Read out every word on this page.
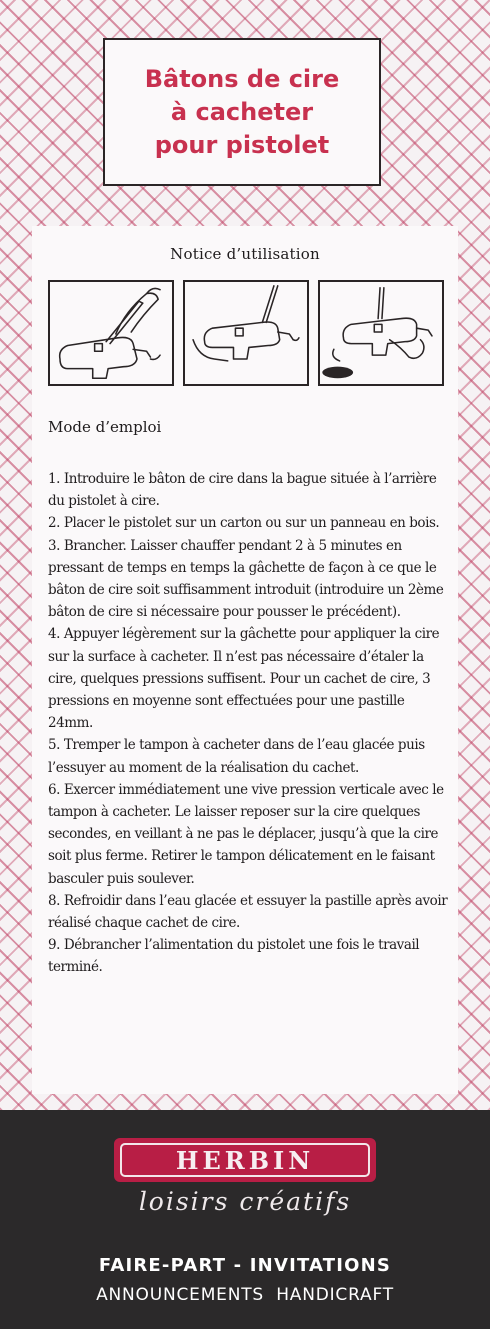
Bâtons de cire
à cacheter
pour pistolet
Notice d’utilisation
Mode d’emploi

1. Introduire le bâton de cire dans la bague située à l’arrière du pistolet à cire.

2. Placer le pistolet sur un carton ou sur un panneau en bois.

3. Brancher. Laisser chauffer pendant 2 à 5 minutes en pressant de temps en temps la gâchette de façon à ce que le bâton de cire soit suffisamment introduit (introduire un 2ème bâton de cire si nécessaire pour pousser le précédent).

4. Appuyer légèrement sur la gâchette pour appliquer la cire sur la surface à cacheter. Il n’est pas nécessaire d’étaler la cire, quelques pressions suffisent. Pour un cachet de cire, 3 pressions en moyenne sont effectuées pour une pastille 24mm.

5. Tremper le tampon à cacheter dans de l’eau glacée puis l’essuyer au moment de la réalisation du cachet.

6. Exercer immédiatement une vive pression verticale avec le tampon à cacheter. Le laisser reposer sur la cire quelques secondes, en veillant à ne pas le déplacer, jusqu’à que la cire soit plus ferme. Retirer le tampon délicatement en le faisant basculer puis soulever.

8. Refroidir dans l’eau glacée et essuyer la pastille après avoir réalisé chaque cachet de cire.

9. Débrancher l’alimentation du pistolet une fois le travail terminé.

HERBIN
loisirs créatifs
FAIRE-PART - INVITATIONS
ANNOUNCEMENTS HANDICRAFT
